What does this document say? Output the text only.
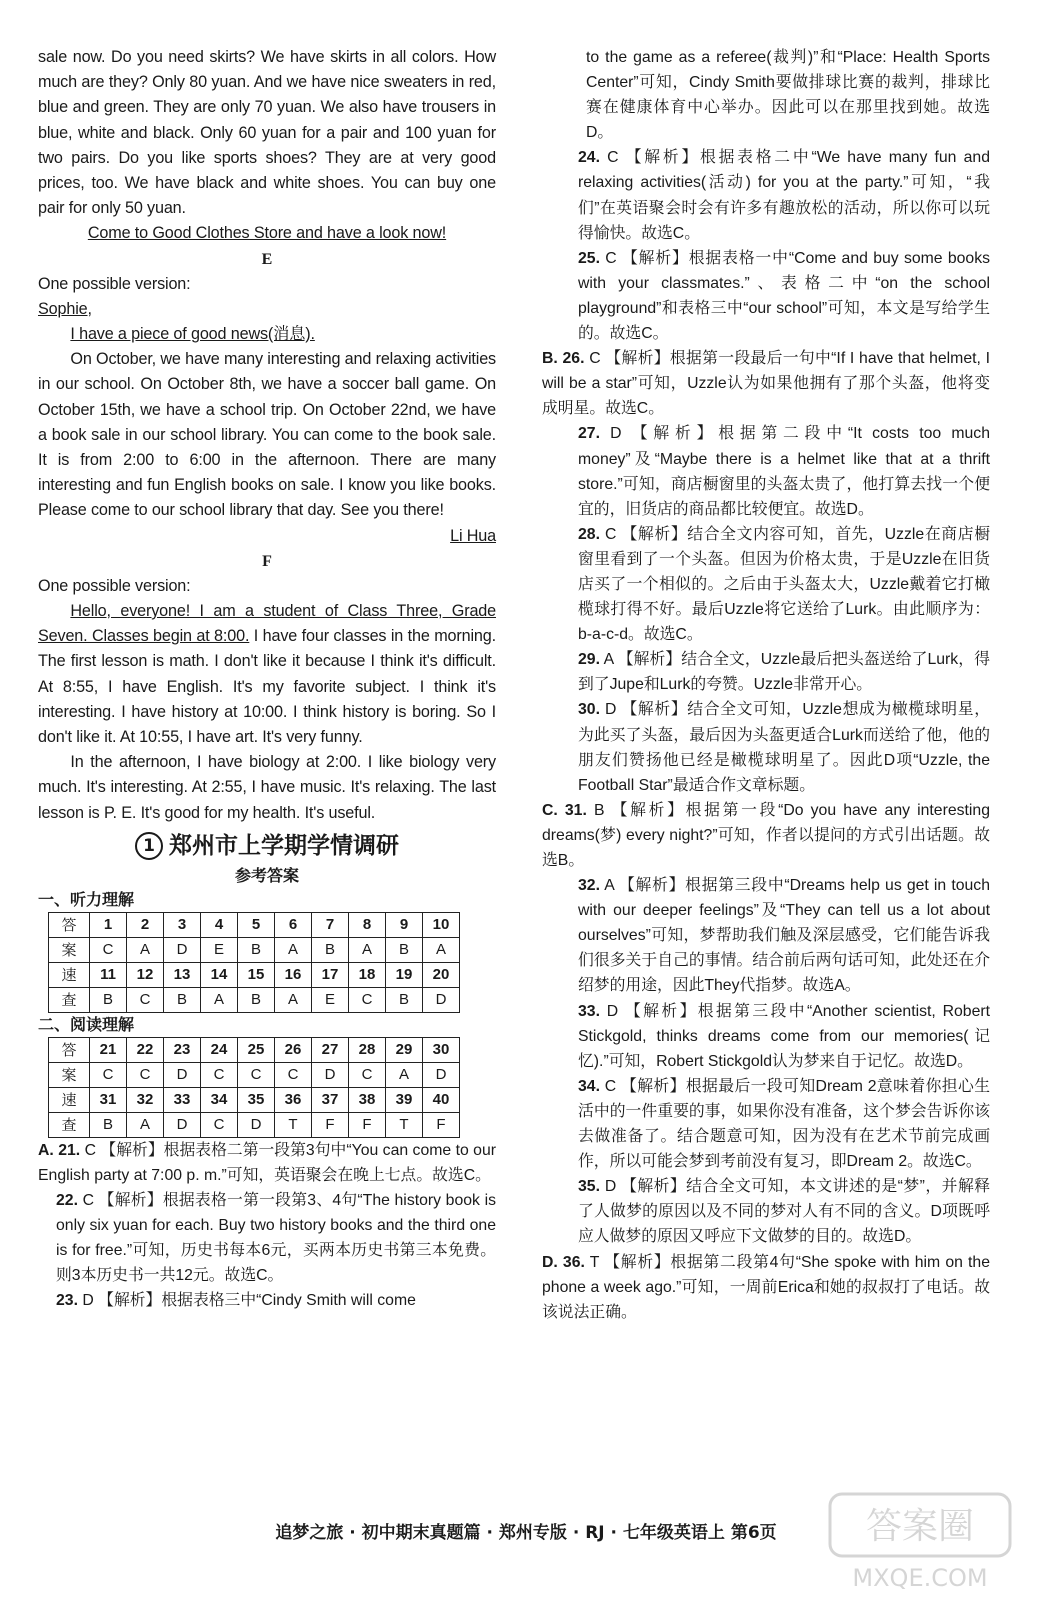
sale now. Do you need skirts? We have skirts in all colors. How much are they? Only 80 yuan. And we have nice sweaters in red, blue and green. They are only 70 yuan. We also have trousers in blue, white and black. Only 60 yuan for a pair and 100 yuan for two pairs. Do you like sports shoes? They are at very good prices, too. We have black and white shoes. You can buy one pair for only 50 yuan.

Come to Good Clothes Store and have a look now!

E

One possible version:

Sophie,

I have a piece of good news(消息).

On October, we have many interesting and relaxing activities in our school. On October 8th, we have a soccer ball game. On October 15th, we have a school trip. On October 22nd, we have a book sale in our school library. You can come to the book sale. It is from 2:00 to 6:00 in the afternoon. There are many interesting and fun English books on sale. I know you like books. Please come to our school library that day. See you there!

Li Hua

F

One possible version:

Hello, everyone! I am a student of Class Three, Grade Seven. Classes begin at 8:00. I have four classes in the morning. The first lesson is math. I don't like it because I think it's difficult. At 8:55, I have English. It's my favorite subject. I think it's interesting. I have history at 10:00. I think history is boring. So I don't like it. At 10:55, I have art. It's very funny.

In the afternoon, I have biology at 2:00. I like biology very much. It's interesting. At 2:55, I have music. It's relaxing. The last lesson is P. E. It's good for my health. It's useful.

1 郑州市上学期学情调研
参考答案
一、听力理解
答	1	2	3	4	5	6	7	8	9	10
案	C	A	D	E	B	A	B	A	B	A
速	11	12	13	14	15	16	17	18	19	20
查	B	C	B	A	B	A	E	C	B	D
二、阅读理解
答	21	22	23	24	25	26	27	28	29	30
案	C	C	D	C	C	C	D	C	A	D
速	31	32	33	34	35	36	37	38	39	40
查	B	A	D	C	D	T	F	F	T	F

A. 21. C 【解析】根据表格二第一段第3句中“You can come to our English party at 7:00 p. m.”可知，英语聚会在晚上七点。故选C。

22. C 【解析】根据表格一第一段第3、4句“The history book is only six yuan for each. Buy two history books and the third one is for free.”可知，历史书每本6元，买两本历史书第三本免费。则3本历史书一共12元。故选C。

23. D 【解析】根据表格三中“Cindy Smith will come

to the game as a referee(裁判)”和“Place: Health Sports Center”可知，Cindy Smith要做排球比赛的裁判，排球比赛在健康体育中心举办。因此可以在那里找到她。故选D。

24. C 【解析】根据表格二中“We have many fun and relaxing activities(活动) for you at the party.”可知，“我们”在英语聚会时会有许多有趣放松的活动，所以你可以玩得愉快。故选C。

25. C 【解析】根据表格一中“Come and buy some books with your classmates.”、表格二中“on the school playground”和表格三中“our school”可知，本文是写给学生的。故选C。

B. 26. C 【解析】根据第一段最后一句中“If I have that helmet, I will be a star”可知，Uzzle认为如果他拥有了那个头盔，他将变成明星。故选C。

27. D 【解析】根据第二段中“It costs too much money”及“Maybe there is a helmet like that at a thrift store.”可知，商店橱窗里的头盔太贵了，他打算去找一个便宜的，旧货店的商品都比较便宜。故选D。

28. C 【解析】结合全文内容可知，首先，Uzzle在商店橱窗里看到了一个头盔。但因为价格太贵，于是Uzzle在旧货店买了一个相似的。之后由于头盔太大，Uzzle戴着它打橄榄球打得不好。最后Uzzle将它送给了Lurk。由此顺序为：b-a-c-d。故选C。

29. A 【解析】结合全文，Uzzle最后把头盔送给了Lurk，得到了Jupe和Lurk的夸赞。Uzzle非常开心。

30. D 【解析】结合全文可知，Uzzle想成为橄榄球明星，为此买了头盔，最后因为头盔更适合Lurk而送给了他，他的朋友们赞扬他已经是橄榄球明星了。因此D项“Uzzle, the Football Star”最适合作文章标题。

C. 31. B 【解析】根据第一段“Do you have any interesting dreams(梦) every night?”可知，作者以提问的方式引出话题。故选B。

32. A 【解析】根据第三段中“Dreams help us get in touch with our deeper feelings”及“They can tell us a lot about ourselves”可知，梦帮助我们触及深层感受，它们能告诉我们很多关于自己的事情。结合前后两句话可知，此处还在介绍梦的用途，因此They代指梦。故选A。

33. D 【解析】根据第三段中“Another scientist, Robert Stickgold, thinks dreams come from our memories(记忆).”可知，Robert Stickgold认为梦来自于记忆。故选D。

34. C 【解析】根据最后一段可知Dream 2意味着你担心生活中的一件重要的事，如果你没有准备，这个梦会告诉你该去做准备了。结合题意可知，因为没有在艺术节前完成画作，所以可能会梦到考前没有复习，即Dream 2。故选C。

35. D 【解析】结合全文可知，本文讲述的是“梦”，并解释了人做梦的原因以及不同的梦对人有不同的含义。D项既呼应人做梦的原因又呼应下文做梦的目的。故选D。

D. 36. T 【解析】根据第二段第4句“She spoke with him on the phone a week ago.”可知，一周前Erica和她的叔叔打了电话。故该说法正确。

追梦之旅 · 初中期末真题篇 · 郑州专版 · RJ · 七年级英语上 第6页	答案圈
MXQE.COM
